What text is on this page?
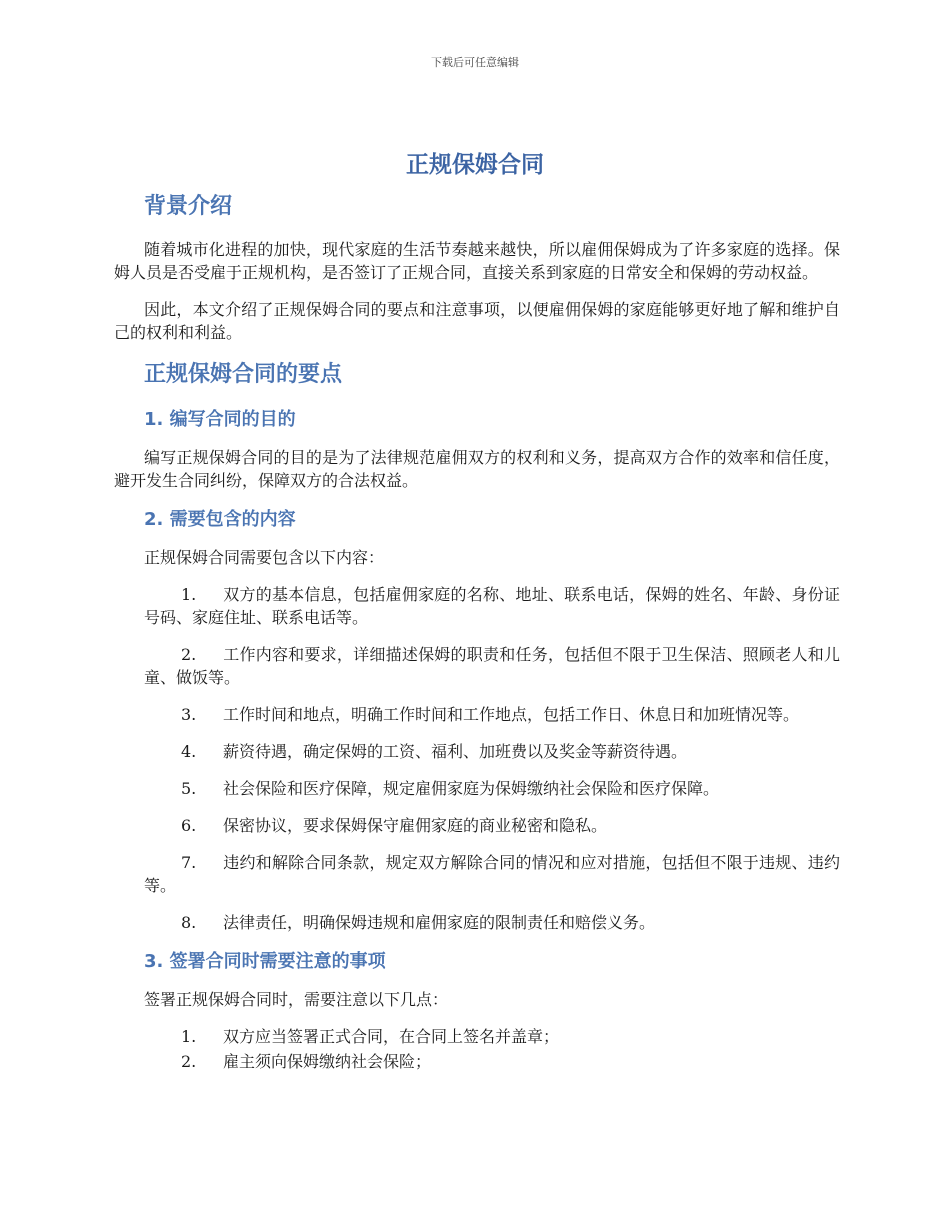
下载后可任意编辑
正规保姆合同
背景介绍

随着城市化进程的加快，现代家庭的生活节奏越来越快，所以雇佣保姆成为了许多家庭的选择。保姆人员是否受雇于正规机构，是否签订了正规合同，直接关系到家庭的日常安全和保姆的劳动权益。

因此，本文介绍了正规保姆合同的要点和注意事项，以便雇佣保姆的家庭能够更好地了解和维护自己的权利和利益。

正规保姆合同的要点
1. 编写合同的目的

编写正规保姆合同的目的是为了法律规范雇佣双方的权利和义务，提高双方合作的效率和信任度，避开发生合同纠纷，保障双方的合法权益。

2. 需要包含的内容

正规保姆合同需要包含以下内容：

1. 双方的基本信息，包括雇佣家庭的名称、地址、联系电话，保姆的姓名、年龄、身份证号码、家庭住址、联系电话等。
2. 工作内容和要求，详细描述保姆的职责和任务，包括但不限于卫生保洁、照顾老人和儿童、做饭等。
3. 工作时间和地点，明确工作时间和工作地点，包括工作日、休息日和加班情况等。
4. 薪资待遇，确定保姆的工资、福利、加班费以及奖金等薪资待遇。
5. 社会保险和医疗保障，规定雇佣家庭为保姆缴纳社会保险和医疗保障。
6. 保密协议，要求保姆保守雇佣家庭的商业秘密和隐私。
7. 违约和解除合同条款，规定双方解除合同的情况和应对措施，包括但不限于违规、违约等。
8. 法律责任，明确保姆违规和雇佣家庭的限制责任和赔偿义务。
3. 签署合同时需要注意的事项

签署正规保姆合同时，需要注意以下几点：

1. 双方应当签署正式合同，在合同上签名并盖章；
2. 雇主须向保姆缴纳社会保险；
